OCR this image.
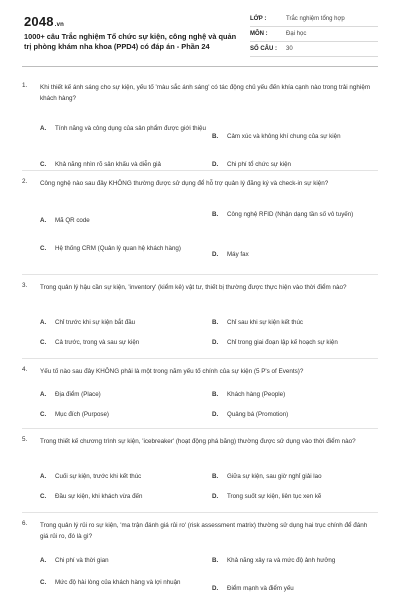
2048.vn
1000+ câu Trắc nghiệm Tổ chức sự kiện, công nghệ và quản trị phòng khám nha khoa (PPD4) có đáp án - Phần 24
LỚP :	Trắc nghiệm tổng hợp
MÔN :	Đại học
SỐ CÂU :	30
1. Khi thiết kế ánh sáng cho sự kiện, yếu tố 'màu sắc ánh sáng' có tác động chủ yếu đến khía cạnh nào trong trải nghiệm khách hàng?
A. Tính năng và công dụng của sản phẩm được giới thiệu
B. Cảm xúc và không khí chung của sự kiện
C. Khả năng nhìn rõ sân khấu và diễn giả	D. Chi phí tổ chức sự kiện
2. Công nghệ nào sau đây KHÔNG thường được sử dụng để hỗ trợ quản lý đăng ký và check-in sự kiện?
A. Mã QR code
B. Công nghệ RFID (Nhận dạng tần số vô tuyến)
C. Hệ thống CRM (Quản lý quan hệ khách hàng)
D. Máy fax
3. Trong quản lý hậu cần sự kiện, 'inventory' (kiểm kê) vật tư, thiết bị thường được thực hiện vào thời điểm nào?
A. Chỉ trước khi sự kiện bắt đầu	B. Chỉ sau khi sự kiện kết thúc
C. Cả trước, trong và sau sự kiện	D. Chỉ trong giai đoạn lập kế hoạch sự kiện
4. Yếu tố nào sau đây KHÔNG phải là một trong năm yếu tố chính của sự kiện (5 P's of Events)?
A. Địa điểm (Place)	B. Khách hàng (People)
C. Mục đích (Purpose)	D. Quảng bá (Promotion)
5. Trong thiết kế chương trình sự kiện, 'icebreaker' (hoạt động phá băng) thường được sử dụng vào thời điểm nào?
A. Cuối sự kiện, trước khi kết thúc	B. Giữa sự kiện, sau giờ nghỉ giải lao
C. Đầu sự kiện, khi khách vừa đến	D. Trong suốt sự kiện, liên tục xen kẽ
6. Trong quản lý rủi ro sự kiện, 'ma trận đánh giá rủi ro' (risk assessment matrix) thường sử dụng hai trục chính để đánh giá rủi ro, đó là gì?
A. Chi phí và thời gian	B. Khả năng xảy ra và mức độ ảnh hưởng
C. Mức độ hài lòng của khách hàng và lợi nhuận
D. Điểm mạnh và điểm yếu
